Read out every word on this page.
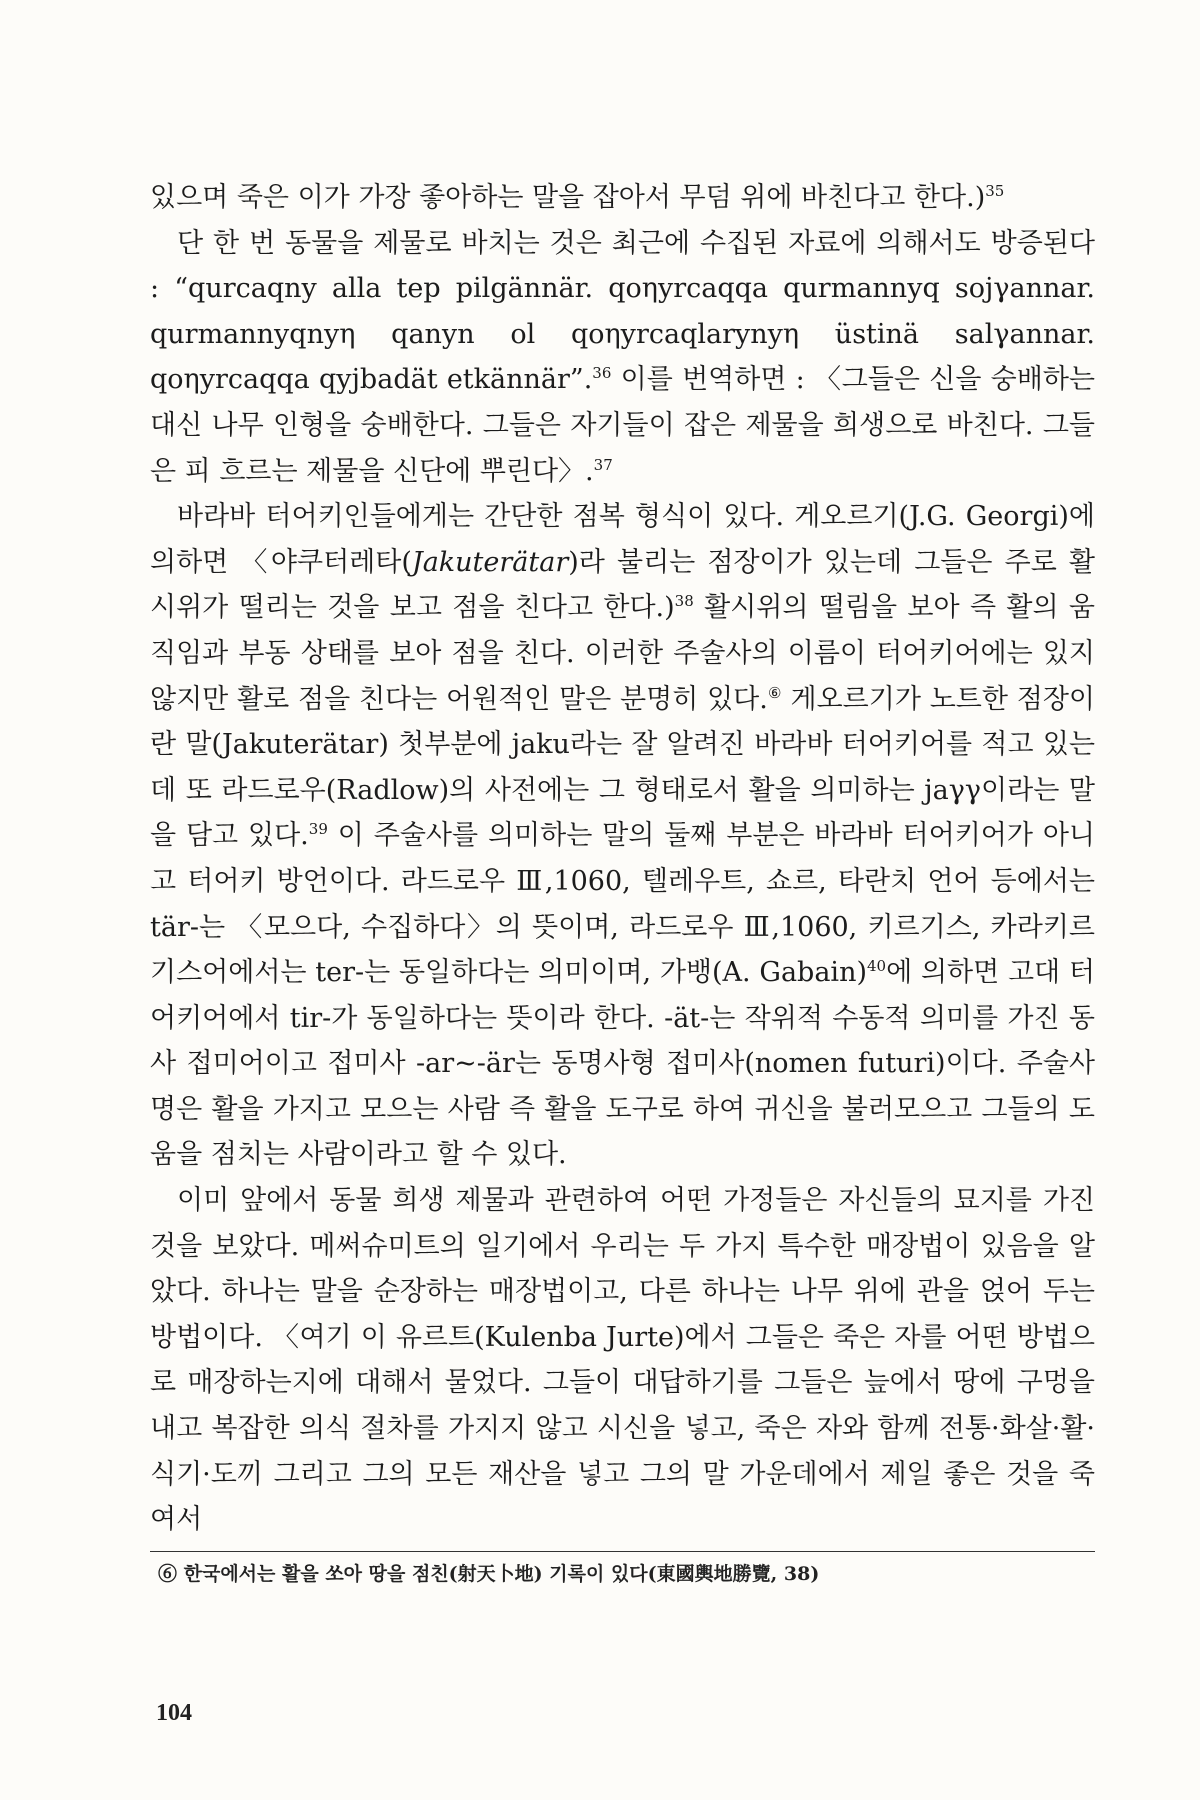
있으며 죽은 이가 가장 좋아하는 말을 잡아서 무덤 위에 바친다고 한다.)$^{35}$

단 한 번 동물을 제물로 바치는 것은 최근에 수집된 자료에 의해서도 방증된다 : “qurcaqny alla tep pilgännär. qoηyrcaqqa qurmannyq sojγannar. qurmannyqnyη qanyn ol qoηyrcaqlarynyη üstinä salγannar. qoηyrcaqqa qyjbadät etkännär”.$^{36}$ 이를 번역하면 : 〈그들은 신을 숭배하는 대신 나무 인형을 숭배한다. 그들은 자기들이 잡은 제물을 희생으로 바친다. 그들은 피 흐르는 제물을 신단에 뿌린다〉.$^{37}$

바라바 터어키인들에게는 간단한 점복 형식이 있다. 게오르기(J.G. Georgi)에 의하면 〈야쿠터레타(Jakuterätar)라 불리는 점장이가 있는데 그들은 주로 활 시위가 떨리는 것을 보고 점을 친다고 한다.)$^{38}$ 활시위의 떨림을 보아 즉 활의 움직임과 부동 상태를 보아 점을 친다. 이러한 주술사의 이름이 터어키어에는 있지 않지만 활로 점을 친다는 어원적인 말은 분명히 있다.⑥ 게오르기가 노트한 점장이란 말(Jakuterätar) 첫부분에 jaku라는 잘 알려진 바라바 터어키어를 적고 있는데 또 라드로우(Radlow)의 사전에는 그 형태로서 활을 의미하는 jaγγ이라는 말을 담고 있다.$^{39}$ 이 주술사를 의미하는 말의 둘째 부분은 바라바 터어키어가 아니고 터어키 방언이다. 라드로우 Ⅲ,1060, 텔레우트, 쇼르, 타란치 언어 등에서는 tär-는 〈모으다, 수집하다〉의 뜻이며, 라드로우 Ⅲ,1060, 키르기스, 카라키르기스어에서는 ter-는 동일하다는 의미이며, 가뱅(A. Gabain)$^{40}$에 의하면 고대 터어키어에서 tir-가 동일하다는 뜻이라 한다. -ät-는 작위적 수동적 의미를 가진 동사 접미어이고 접미사 -ar~-är는 동명사형 접미사(nomen futuri)이다. 주술사명은 활을 가지고 모으는 사람 즉 활을 도구로 하여 귀신을 불러모으고 그들의 도움을 점치는 사람이라고 할 수 있다.

이미 앞에서 동물 희생 제물과 관련하여 어떤 가정들은 자신들의 묘지를 가진 것을 보았다. 메써슈미트의 일기에서 우리는 두 가지 특수한 매장법이 있음을 알았다. 하나는 말을 순장하는 매장법이고, 다른 하나는 나무 위에 관을 얹어 두는 방법이다. 〈여기 이 유르트(Kulenba Jurte)에서 그들은 죽은 자를 어떤 방법으로 매장하는지에 대해서 물었다. 그들이 대답하기를 그들은 늪에서 땅에 구멍을 내고 복잡한 의식 절차를 가지지 않고 시신을 넣고, 죽은 자와 함께 전통·화살·활·식기·도끼 그리고 그의 모든 재산을 넣고 그의 말 가운데에서 제일 좋은 것을 죽여서

⑥ 한국에서는 활을 쏘아 땅을 점친(射天卜地) 기록이 있다(東國輿地勝覽, 38)
104
